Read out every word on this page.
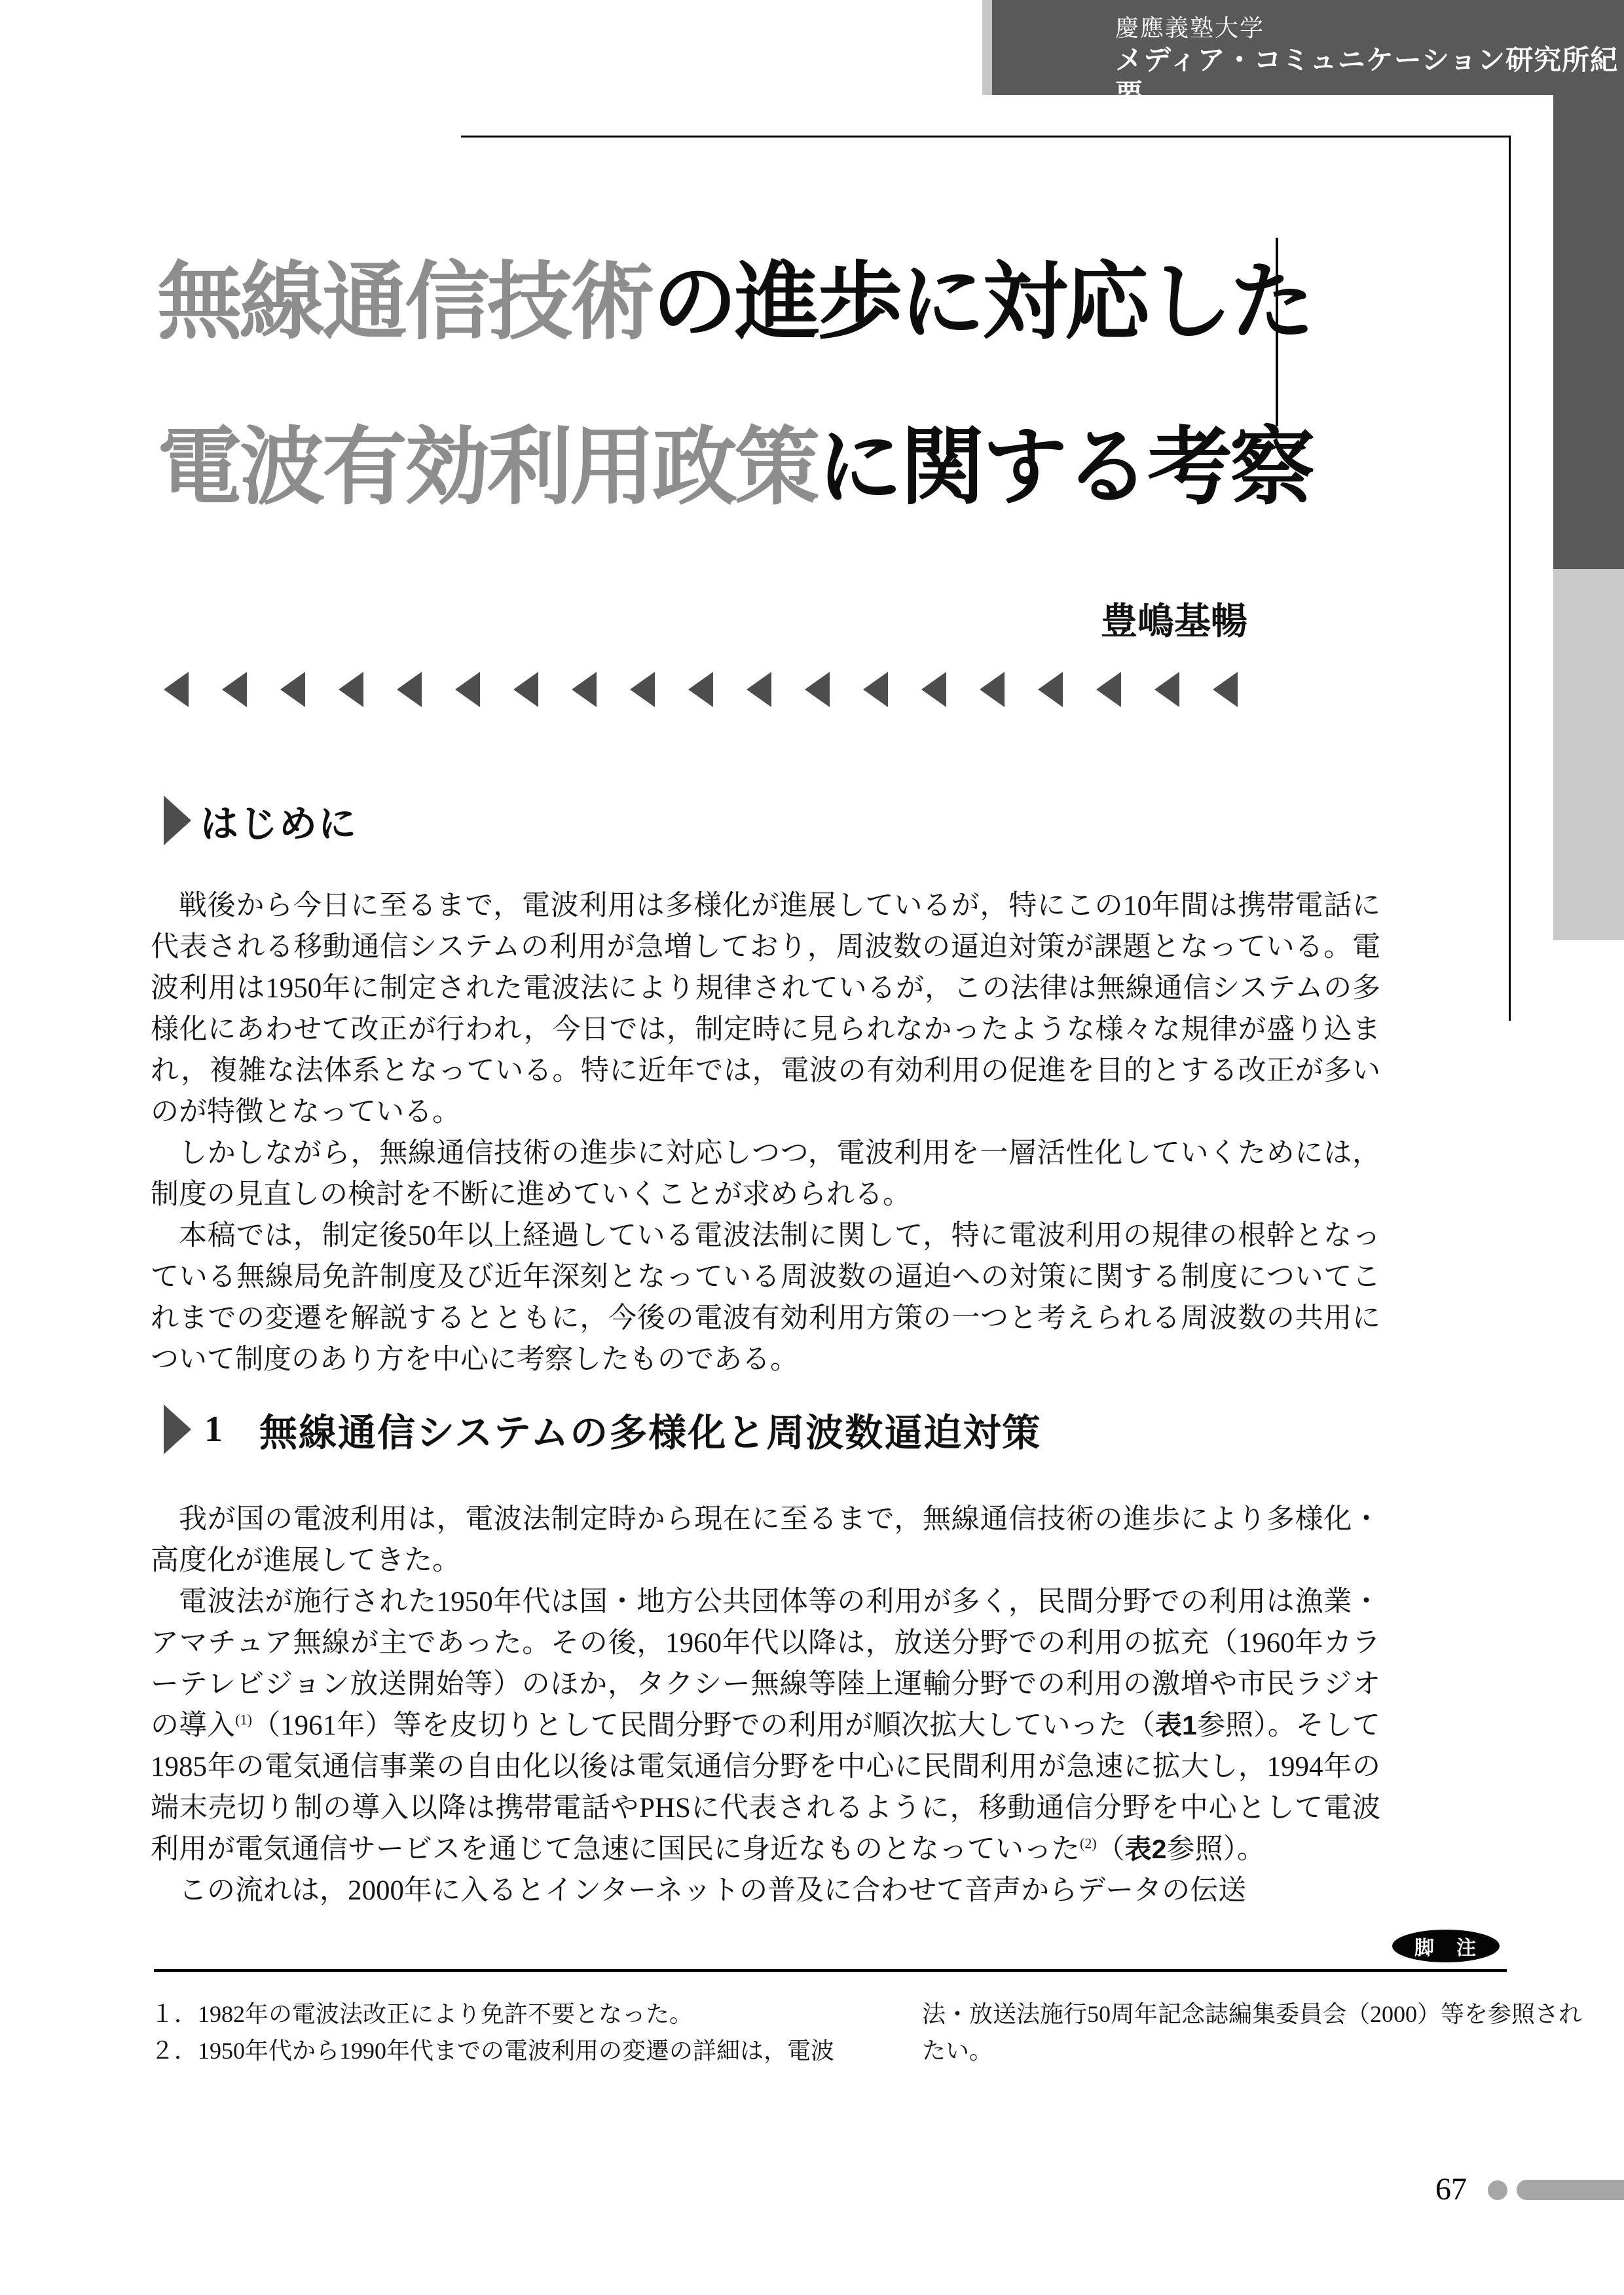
慶應義塾大学
メディア・コミュニケーション研究所紀要
無線通信技術の進歩に対応した
電波有効利用政策に関する考察
豊嶋基暢
はじめに

戦後から今日に至るまで，電波利用は多様化が進展しているが，特にこの10年間は携帯電話に代表される移動通信システムの利用が急増しており，周波数の逼迫対策が課題となっている。電波利用は1950年に制定された電波法により規律されているが，この法律は無線通信システムの多様化にあわせて改正が行われ，今日では，制定時に見られなかったような様々な規律が盛り込まれ，複雑な法体系となっている。特に近年では，電波の有効利用の促進を目的とする改正が多いのが特徴となっている。

しかしながら，無線通信技術の進歩に対応しつつ，電波利用を一層活性化していくためには，制度の見直しの検討を不断に進めていくことが求められる。

本稿では，制定後50年以上経過している電波法制に関して，特に電波利用の規律の根幹となっている無線局免許制度及び近年深刻となっている周波数の逼迫への対策に関する制度についてこれまでの変遷を解説するとともに，今後の電波有効利用方策の一つと考えられる周波数の共用について制度のあり方を中心に考察したものである。

1 無線通信システムの多様化と周波数逼迫対策

我が国の電波利用は，電波法制定時から現在に至るまで，無線通信技術の進歩により多様化・高度化が進展してきた。

電波法が施行された1950年代は国・地方公共団体等の利用が多く，民間分野での利用は漁業・アマチュア無線が主であった。その後，1960年代以降は，放送分野での利用の拡充（1960年カラーテレビジョン放送開始等）のほか，タクシー無線等陸上運輸分野での利用の激増や市民ラジオの導入$^{(1)}$（1961年）等を皮切りとして民間分野での利用が順次拡大していった（表1参照）。そして1985年の電気通信事業の自由化以後は電気通信分野を中心に民間利用が急速に拡大し，1994年の端末売切り制の導入以降は携帯電話やPHSに代表されるように，移動通信分野を中心として電波利用が電気通信サービスを通じて急速に国民に身近なものとなっていった$^{(2)}$（表2参照）。

この流れは，2000年に入るとインターネットの普及に合わせて音声からデータの伝送

脚　注
１．1982年の電波法改正により免許不要となった。
２．1950年代から1990年代までの電波利用の変遷の詳細は，電波
法・放送法施行50周年記念誌編集委員会（2000）等を参照され
たい。
67
